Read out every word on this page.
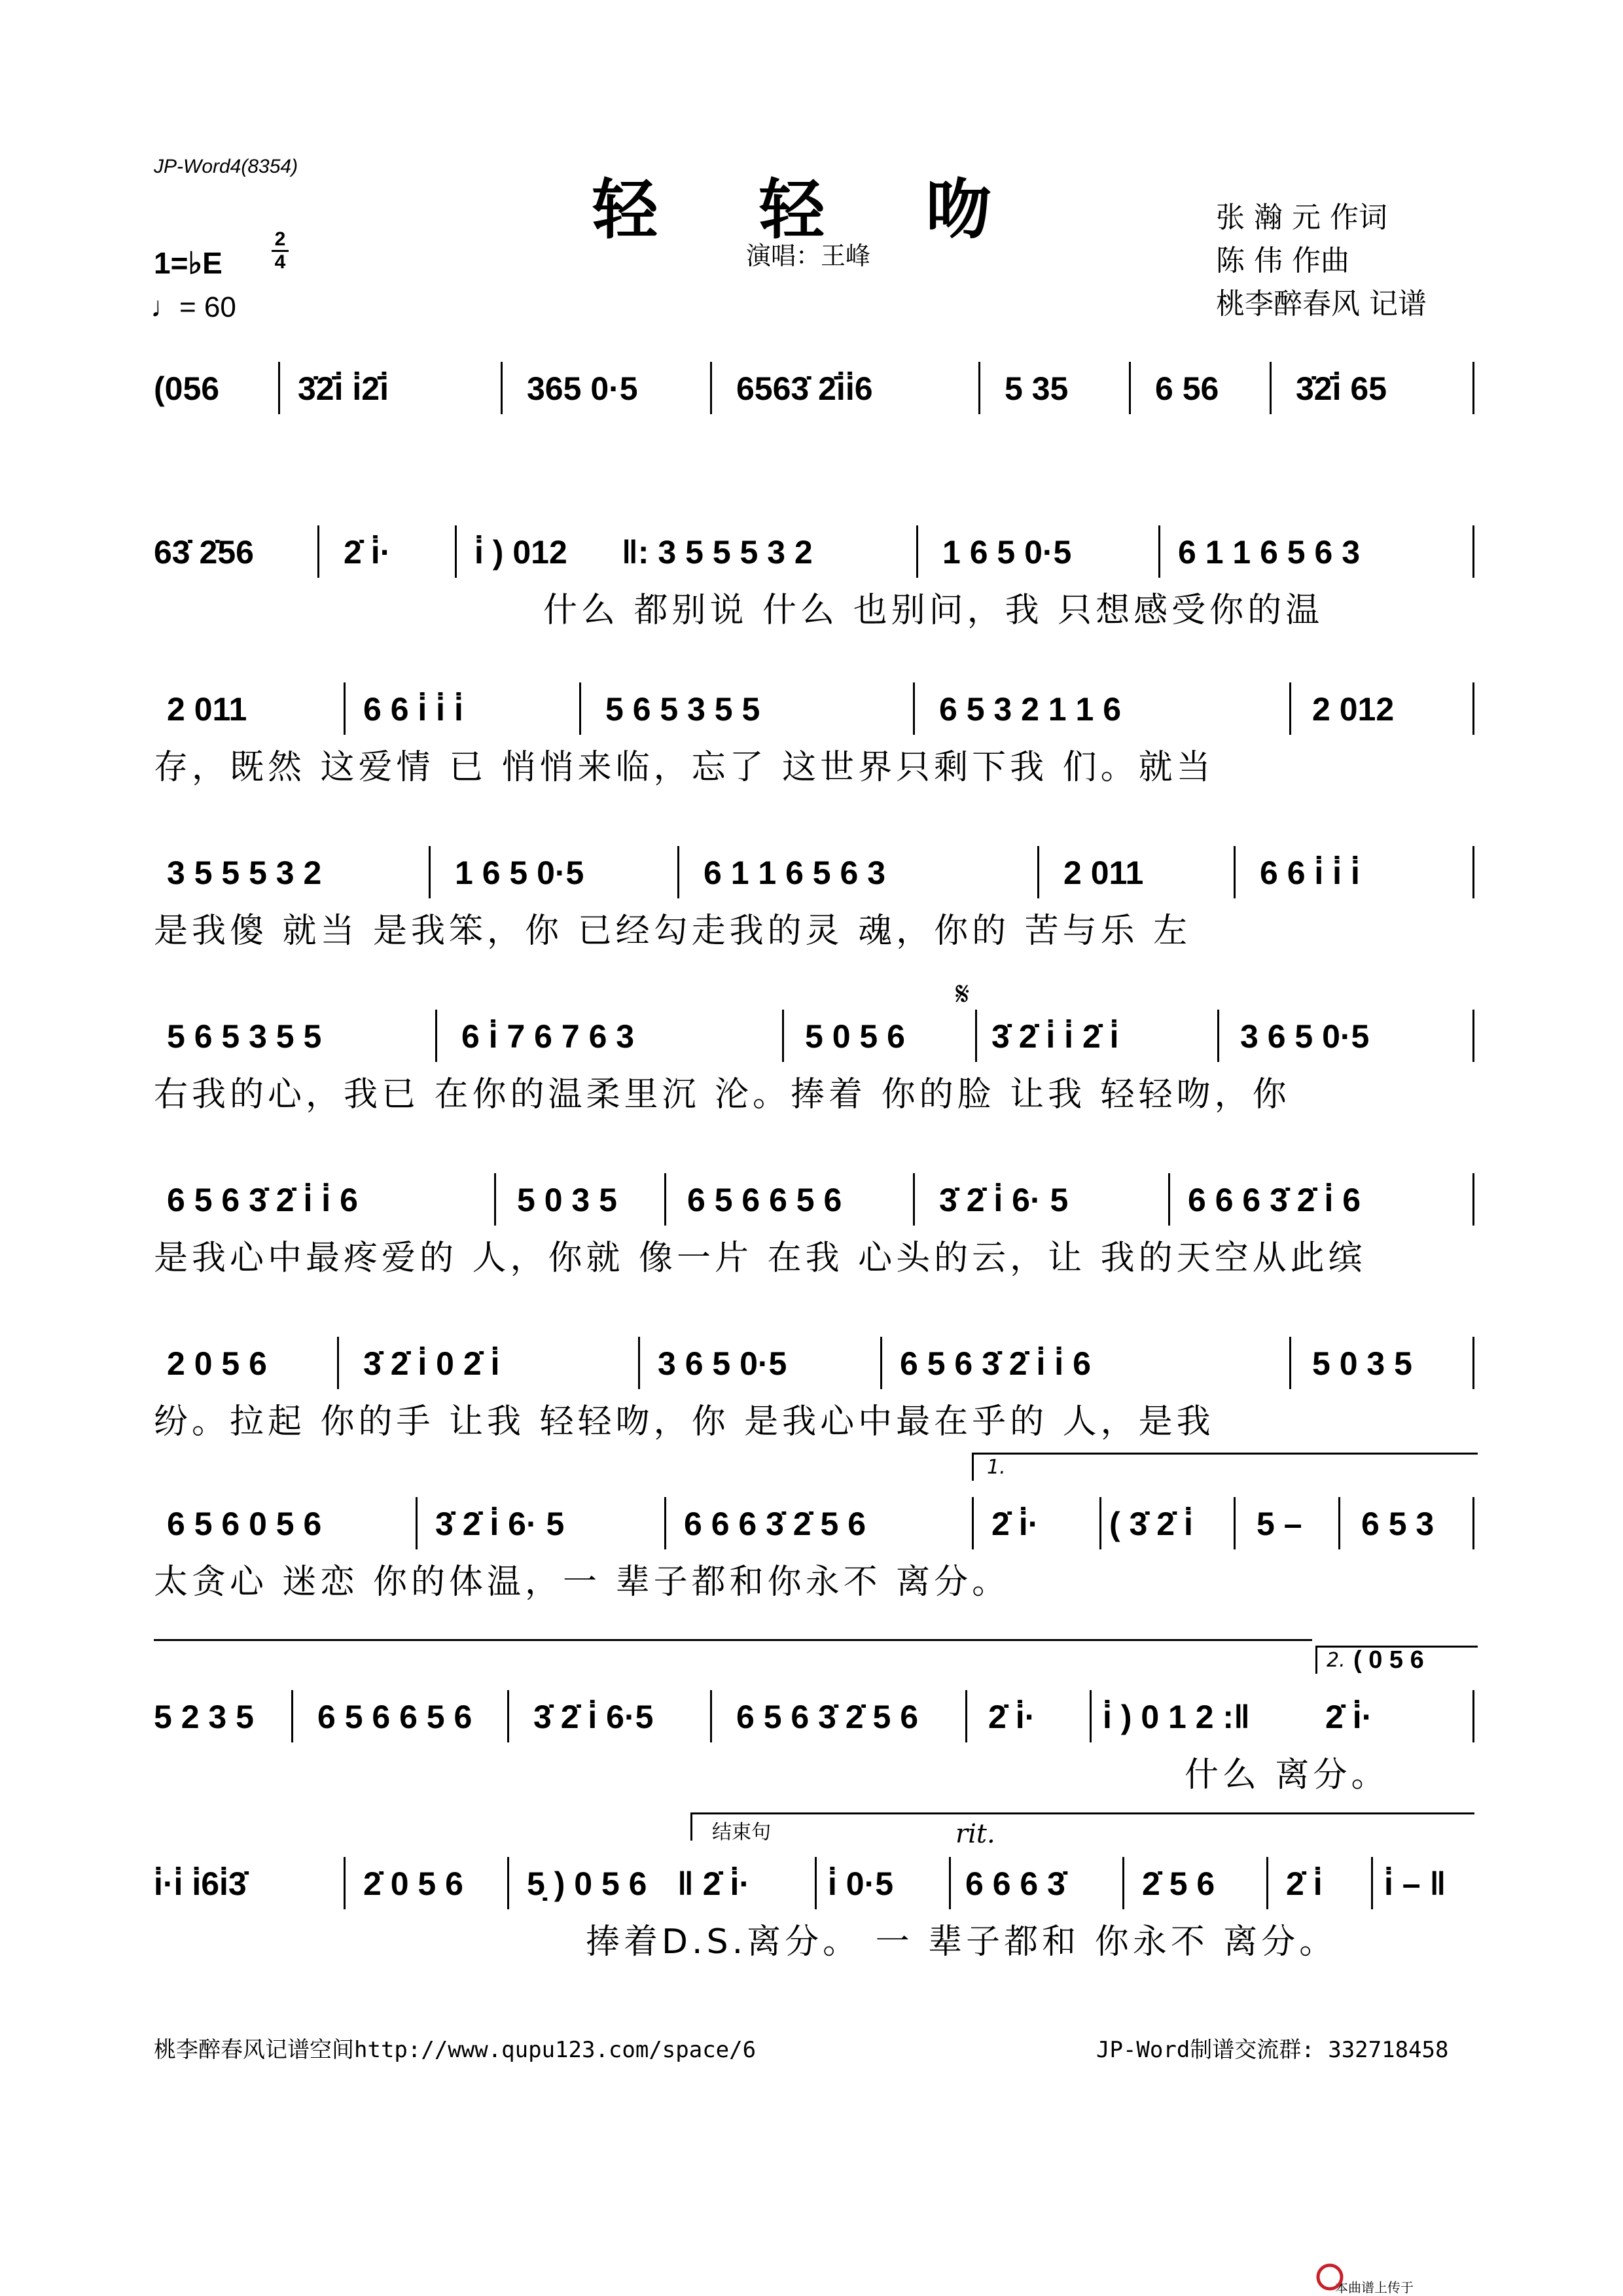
JP-Word4(8354)
轻 轻 吻
演唱：王峰
张 瀚 元 作词
陈 伟 作曲
桃李醉春风 记谱
1=♭E
2
4
♩= 60
(056 3̇2̇i̇ i̇2̇i̇	365 0·5	6563̇ 2̇i̇i̇6	5 35	6 56 3̇2̇i̇ 65
63̇ 2̇56	2̇ i̇·	i̇ ) 012 ‖: 3 5 5 5 3 2	1 6 5 0·5	6 1 1 6 5 6 3
什么 都别说 什么 也别问，我 只想感受你的温
2 011	6 6 i̇ i̇ i̇	5 6 5 3 5 5	6 5 3 2 1 1 6	2 012
存，既然 这爱情 已 悄悄来临，忘了 这世界只剩下我 们。就当
3 5 5 5 3 2	1 6 5 0·5	6 1 1 6 5 6 3	2 011	6 6 i̇ i̇ i̇
是我傻 就当 是我笨，你 已经勾走我的灵 魂，你的 苦与乐 左
𝄋
5 6 5 3 5 5	6 i̇ 7 6 7 6 3	5 0 5 6	3̇ 2̇ i̇ i̇ 2̇ i̇	3 6 5 0·5
右我的心，我已 在你的温柔里沉 沦。捧着 你的脸 让我 轻轻吻，你
6 5 6 3̇ 2̇ i̇ i̇ 6	5 0 3 5 6 5 6 6 5 6	3̇ 2̇ i̇ 6· 5	6 6 6 3̇ 2̇ i̇ 6
是我心中最疼爱的 人，你就 像一片 在我 心头的云，让 我的天空从此缤
2 0 5 6	3̇ 2̇ i̇ 0 2̇ i̇	3 6 5 0·5	6 5 6 3̇ 2̇ i̇ i̇ 6	5 0 3 5
纷。拉起 你的手 让我 轻轻吻，你 是我心中最在乎的 人，是我
1.
6 5 6 0 5 6	3̇ 2̇ i̇ 6· 5	6 6 6 3̇ 2̇ 5 6	2̇ i̇· ( 3̇ 2̇ i̇ 5 – 6 5 3
太贪心 迷恋 你的体温，一 辈子都和你永不 离分。
2. ( 0 5 6
5 2 3 5 6 5 6 6 5 6 3̇ 2̇ i̇ 6·5	6 5 6 3̇ 2̇ 5 6 2̇ i̇· i̇ ) 0 1 2 :‖ 2̇ i̇·
什么 离分。
结束句	rit.
i̇·i̇ i̇6i̇3̇	2̇ 0 5 6 5̣ ) 0 5 6 ‖ 2̇ i̇· i̇ 0·5 6 6 6 3̇ 2̇ 5 6 2̇ i̇ i̇ – ‖
捧着D.S.离分。 一 辈子都和 你永不 离分。
桃李醉春风记谱空间http://www.qupu123.com/space/6	JP-Word制谱交流群: 332718458
本曲谱上传于
